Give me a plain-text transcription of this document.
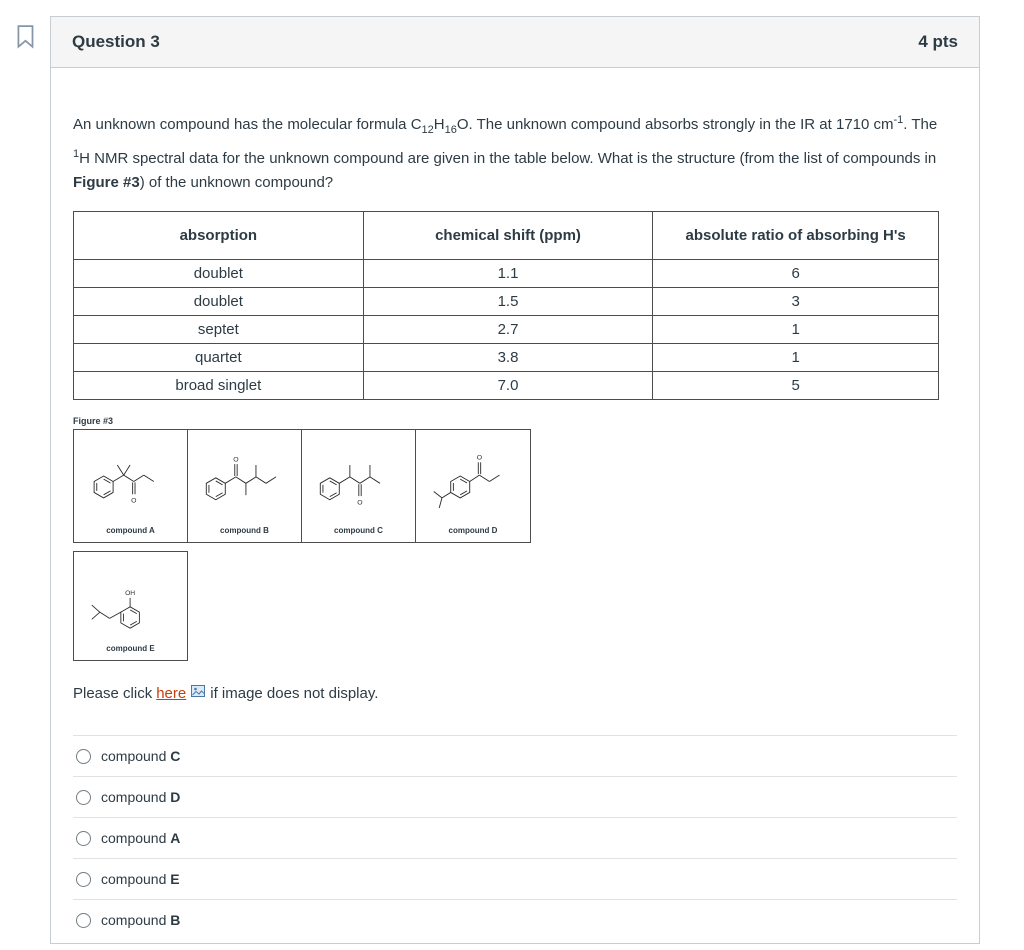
Question 3	4 pts

An unknown compound has the molecular formula $C_{12}H_{16}O$. The unknown compound absorbs strongly in the IR at 1710 $cm^{-1}$. The $^1$H NMR spectral data for the unknown compound are given in the table below. What is the structure (from the list of compounds in Figure #3) of the unknown compound?

absorption	chemical shift (ppm)	absolute ratio of absorbing H's
doublet	1.1	6
doublet	1.5	3
septet	2.7	1
quartet	3.8	1
broad singlet	7.0	5
Figure #3
O
compound A
O
compound B
O
compound C
O
compound D
OH
compound E
Please click here if image does not display.
compound C
compound D
compound A
compound E
compound B
